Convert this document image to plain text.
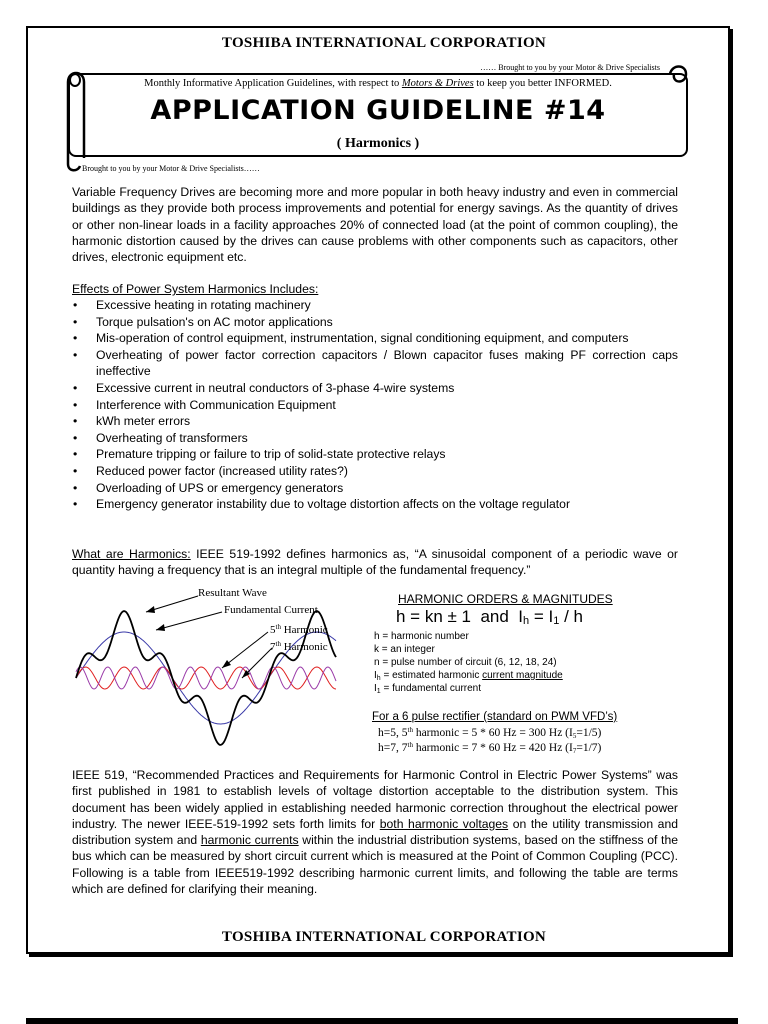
TOSHIBA INTERNATIONAL CORPORATION
…… Brought to you by your Motor & Drive Specialists
Monthly Informative Application Guidelines, with respect to Motors & Drives to keep you better INFORMED.
APPLICATION GUIDELINE #14
( Harmonics )
Brought to you by your Motor & Drive Specialists……
Variable Frequency Drives are becoming more and more popular in both heavy industry and even in commercial buildings as they provide both process improvements and potential for energy savings. As the quantity of drives or other non-linear loads in a facility approaches 20% of connected load (at the point of common coupling), the harmonic distortion caused by the drives can cause problems with other components such as capacitors, other drives, electronic equipment etc.
Effects of Power System Harmonics Includes:
• Excessive heating in rotating machinery
• Torque pulsation's on AC motor applications
• Mis-operation of control equipment, instrumentation, signal conditioning equipment, and computers
• Overheating of power factor correction capacitors / Blown capacitor fuses making PF correction caps ineffective
• Excessive current in neutral conductors of 3-phase 4-wire systems
• Interference with Communication Equipment
• kWh meter errors
• Overheating of transformers
• Premature tripping or failure to trip of solid-state protective relays
• Reduced power factor (increased utility rates?)
• Overloading of UPS or emergency generators
• Emergency generator instability due to voltage distortion affects on the voltage regulator
What are Harmonics: IEEE 519-1992 defines harmonics as, “A sinusoidal component of a periodic wave or quantity having a frequency that is an integral multiple of the fundamental frequency.”
Resultant Wave
Fundamental Current
5th Harmonic
7th Harmonic
HARMONIC ORDERS & MAGNITUDES
h = kn ± 1 and $I_h = I_1 / h$
h = harmonic number
k = an integer
n = pulse number of circuit (6, 12, 18, 24)
$I_h$ = estimated harmonic current magnitude
$I_1$ = fundamental current
For a 6 pulse rectifier (standard on PWM VFD’s)
h=5, 5th harmonic = 5 * 60 Hz = 300 Hz $(I_5=1/5)$
h=7, 7th harmonic = 7 * 60 Hz = 420 Hz $(I_7=1/7)$
IEEE 519, “Recommended Practices and Requirements for Harmonic Control in Electric Power Systems” was first published in 1981 to establish levels of voltage distortion acceptable to the distribution system. This document has been widely applied in establishing needed harmonic correction throughout the electrical power industry. The newer IEEE-519-1992 sets forth limits for both harmonic voltages on the utility transmission and distribution system and harmonic currents within the industrial distribution systems, based on the stiffness of the bus which can be measured by short circuit current which is measured at the Point of Common Coupling (PCC). Following is a table from IEEE519-1992 describing harmonic current limits, and following the table are terms which are defined for clarifying their meaning.
TOSHIBA INTERNATIONAL CORPORATION
